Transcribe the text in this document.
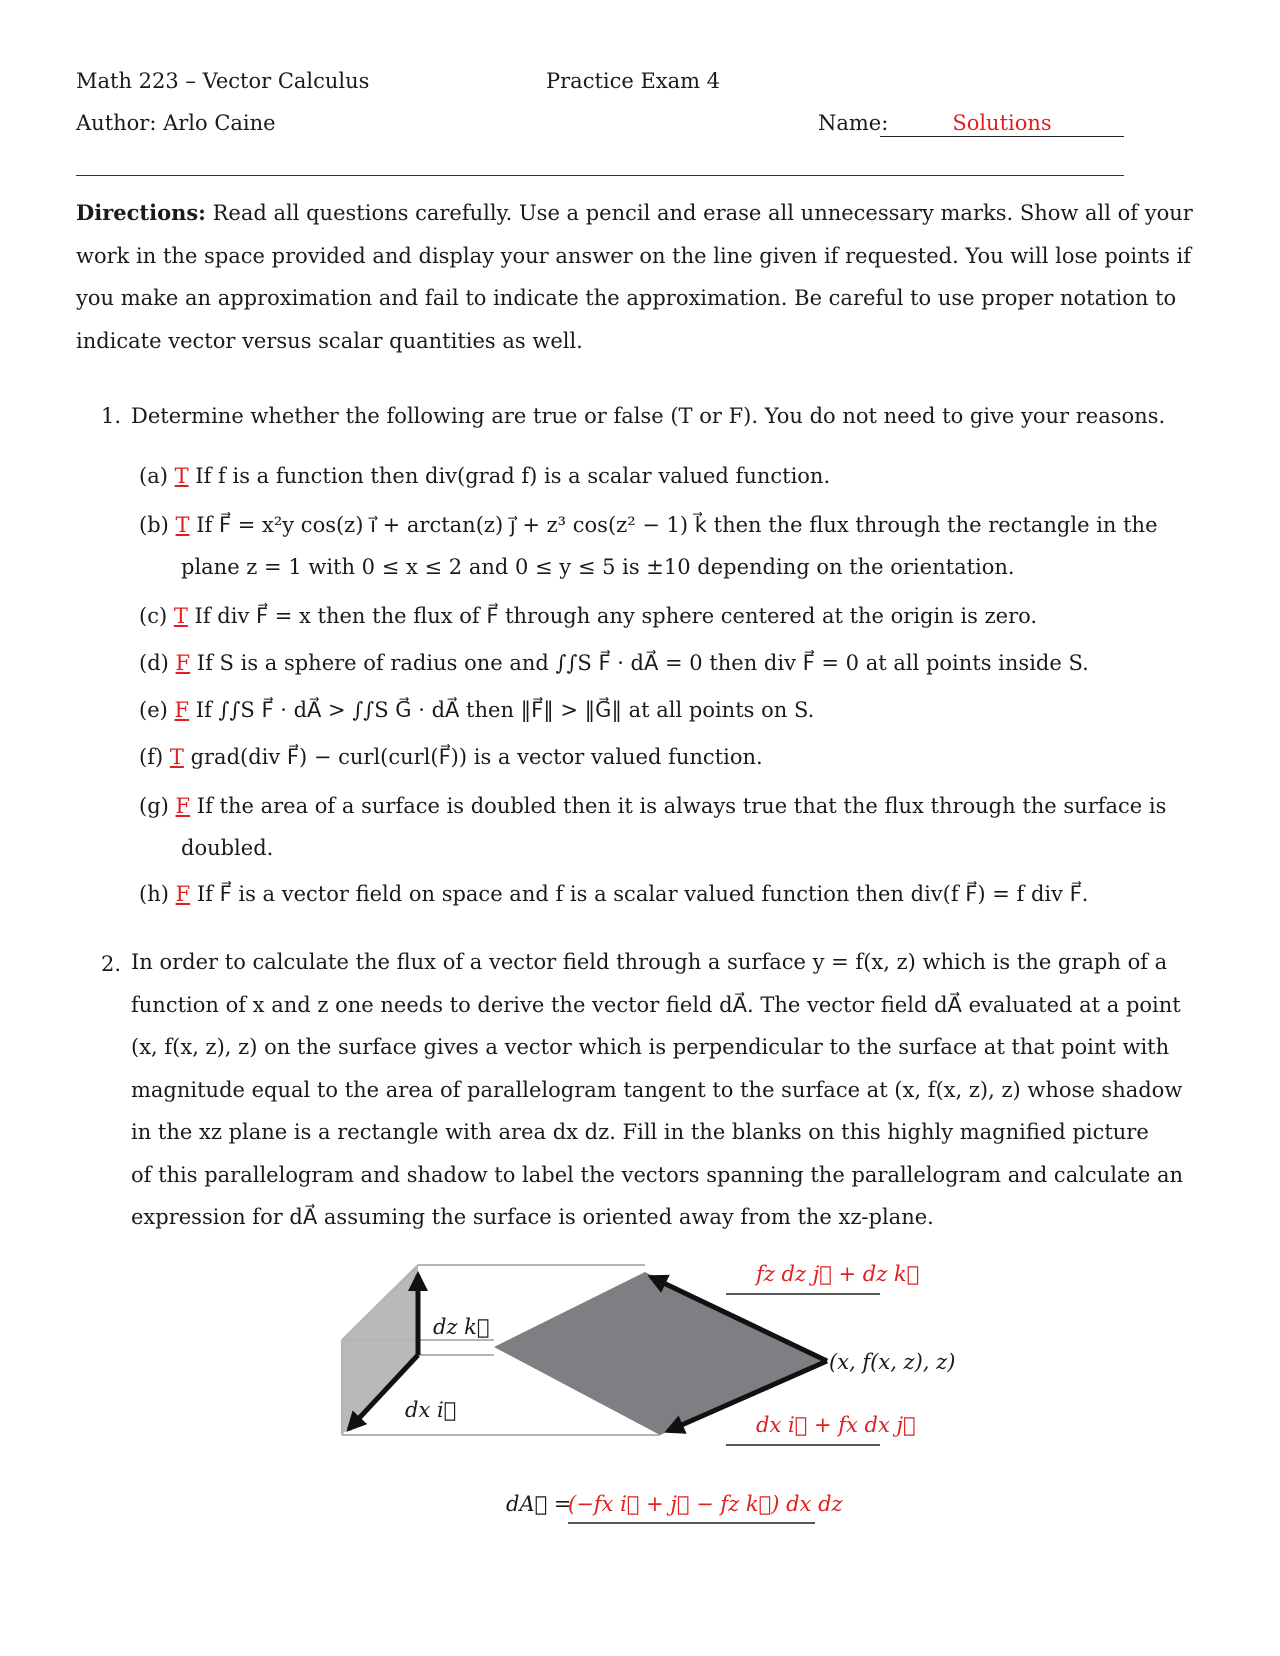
Math 223 – Vector Calculus	Practice Exam 4
Author: Arlo Caine	Name:	Solutions
Directions: Read all questions carefully. Use a pencil and erase all unnecessary marks. Show all of your
work in the space provided and display your answer on the line given if requested. You will lose points if
you make an approximation and fail to indicate the approximation. Be careful to use proper notation to
indicate vector versus scalar quantities as well.
1. Determine whether the following are true or false (T or F). You do not need to give your reasons.
(a) T If f is a function then div(grad f) is a scalar valued function.
(b) T If F⃗ = x²y cos(z) i⃗ + arctan(z) j⃗ + z³ cos(z² − 1) k⃗ then the flux through the rectangle in the
plane z = 1 with 0 ≤ x ≤ 2 and 0 ≤ y ≤ 5 is ±10 depending on the orientation.
(c) T If div F⃗ = x then the flux of F⃗ through any sphere centered at the origin is zero.
(d) F If S is a sphere of radius one and ∫∫S F⃗ · dA⃗ = 0 then div F⃗ = 0 at all points inside S.
(e) F If ∫∫S F⃗ · dA⃗ > ∫∫S G⃗ · dA⃗ then ‖F⃗‖ > ‖G⃗‖ at all points on S.
(f) T grad(div F⃗) − curl(curl(F⃗)) is a vector valued function.
(g) F If the area of a surface is doubled then it is always true that the flux through the surface is
doubled.
(h) F If F⃗ is a vector field on space and f is a scalar valued function then div(f F⃗) = f div F⃗.
2. In order to calculate the flux of a vector field through a surface y = f(x, z) which is the graph of a
function of x and z one needs to derive the vector field dA⃗. The vector field dA⃗ evaluated at a point
(x, f(x, z), z) on the surface gives a vector which is perpendicular to the surface at that point with
magnitude equal to the area of parallelogram tangent to the surface at (x, f(x, z), z) whose shadow
in the xz plane is a rectangle with area dx dz. Fill in the blanks on this highly magnified picture
of this parallelogram and shadow to label the vectors spanning the parallelogram and calculate an
expression for dA⃗ assuming the surface is oriented away from the xz-plane.
dz k⃗
dx i⃗
(x, f(x, z), z)
fz dz j⃗ + dz k⃗
dx i⃗ + fx dx j⃗
dA⃗ =
(−fx i⃗ + j⃗ − fz k⃗) dx dz
